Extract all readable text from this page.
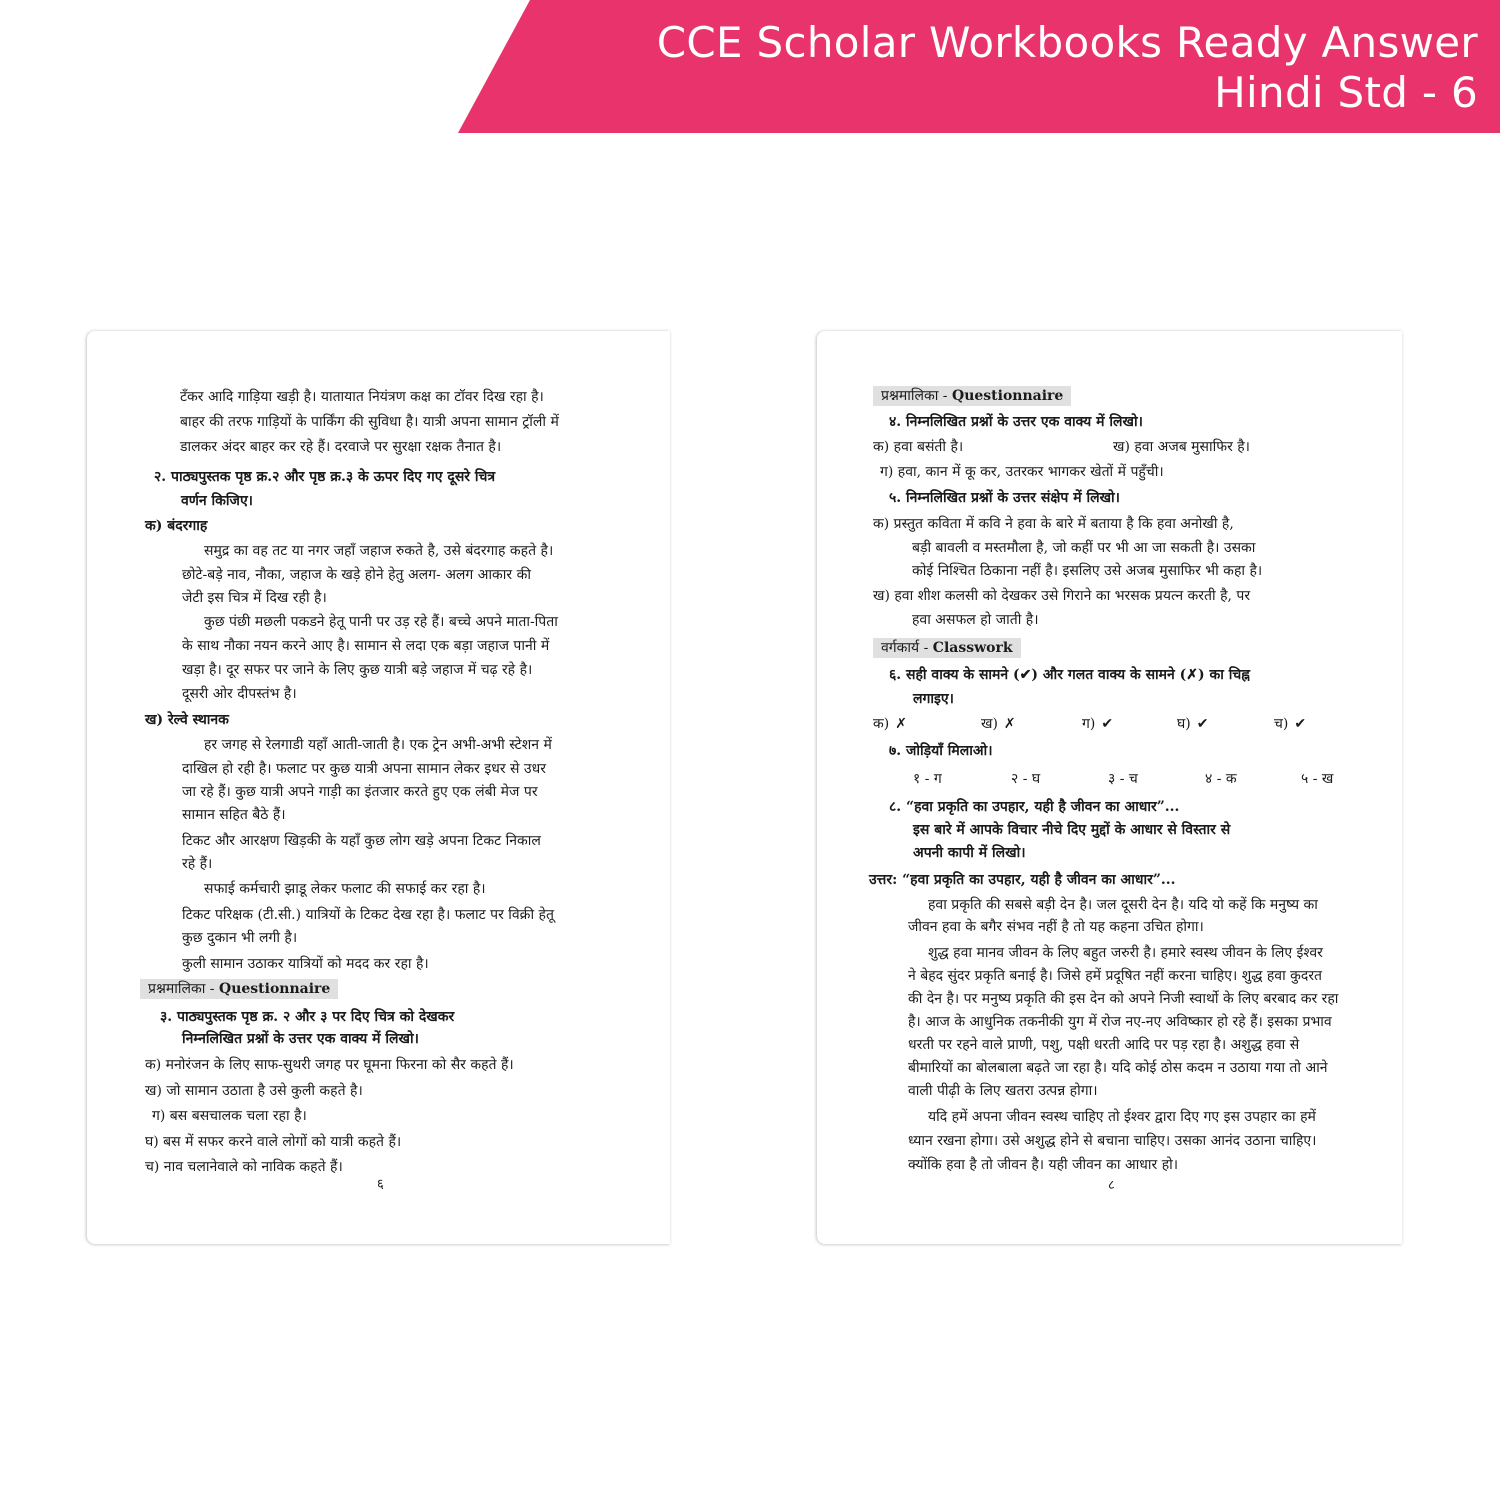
CCE Scholar Workbooks Ready Answer
Hindi Std - 6
टँकर आदि गाड़िया खड़ी है। यातायात नियंत्रण कक्ष का टॉवर दिख रहा है।
बाहर की तरफ गाड़ियों के पार्किंग की सुविधा है। यात्री अपना सामान ट्रॉली में
डालकर अंदर बाहर कर रहे हैं। दरवाजे पर सुरक्षा रक्षक तैनात है।
२. पाठ्यपुस्तक पृष्ठ क्र.२ और पृष्ठ क्र.३ के ऊपर दिए गए दूसरे चित्र
वर्णन किजिए।
क) बंदरगाह
समुद्र का वह तट या नगर जहाँ जहाज रुकते है, उसे बंदरगाह कहते है।
छोटे-बड़े नाव, नौका, जहाज के खड़े होने हेतु अलग- अलग आकार की
जेटी इस चित्र में दिख रही है।
कुछ पंछी मछली पकडने हेतू पानी पर उड़ रहे हैं। बच्चे अपने माता-पिता
के साथ नौका नयन करने आए है। सामान से लदा एक बड़ा जहाज पानी में
खड़ा है। दूर सफर पर जाने के लिए कुछ यात्री बड़े जहाज में चढ़ रहे है।
दूसरी ओर दीपस्तंभ है।
ख) रेल्वे स्थानक
हर जगह से रेलगाडी यहाँ आती-जाती है। एक ट्रेन अभी-अभी स्टेशन में
दाखिल हो रही है। फलाट पर कुछ यात्री अपना सामान लेकर इधर से उधर
जा रहे हैं। कुछ यात्री अपने गाड़ी का इंतजार करते हुए एक लंबी मेज पर
सामान सहित बैठे हैं।
टिकट और आरक्षण खिड़की के यहाँ कुछ लोग खड़े अपना टिकट निकाल
रहे हैं।
सफाई कर्मचारी झाडू लेकर फलाट की सफाई कर रहा है।
टिकट परिक्षक (टी.सी.) यात्रियों के टिकट देख रहा है। फलाट पर विक्री हेतू
कुछ दुकान भी लगी है।
कुली सामान उठाकर यात्रियों को मदद कर रहा है।
प्रश्नमालिका - Questionnaire
३. पाठ्यपुस्तक पृष्ठ क्र. २ और ३ पर दिए चित्र को देखकर
निम्नलिखित प्रश्नों के उत्तर एक वाक्य में लिखो।
क) मनोरंजन के लिए साफ-सुथरी जगह पर घूमना फिरना को सैर कहते हैं।
ख) जो सामान उठाता है उसे कुली कहते है।
ग) बस बसचालक चला रहा है।
घ) बस में सफर करने वाले लोगों को यात्री कहते हैं।
च) नाव चलानेवाले को नाविक कहते हैं।
६
प्रश्नमालिका - Questionnaire
४. निम्नलिखित प्रश्नों के उत्तर एक वाक्य में लिखो।
क) हवा बसंती है।	ख) हवा अजब मुसाफिर है।
ग) हवा, कान में कू कर, उतरकर भागकर खेतों में पहुँची।
५. निम्नलिखित प्रश्नों के उत्तर संक्षेप में लिखो।
क) प्रस्तुत कविता में कवि ने हवा के बारे में बताया है कि हवा अनोखी है,
बड़ी बावली व मस्तमौला है, जो कहीं पर भी आ जा सकती है। उसका
कोई निश्चित ठिकाना नहीं है। इसलिए उसे अजब मुसाफिर भी कहा है।
ख) हवा शीश कलसी को देखकर उसे गिराने का भरसक प्रयत्न करती है, पर
हवा असफल हो जाती है।
वर्गकार्य - Classwork
६. सही वाक्य के सामने (✔) और गलत वाक्य के सामने (✗) का चिह्न
लगाइए।
क) ✗	ख) ✗	ग) ✔	घ) ✔	च) ✔
७. जोड़ियाँ मिलाओ।
१ - ग	२ - घ	३ - च	४ - क	५ - ख
८. “हवा प्रकृति का उपहार, यही है जीवन का आधार”...
इस बारे में आपके विचार नीचे दिए मुद्दों के आधार से विस्तार से
अपनी कापी में लिखो।
उत्तर: “हवा प्रकृति का उपहार, यही है जीवन का आधार”...
हवा प्रकृति की सबसे बड़ी देन है। जल दूसरी देन है। यदि यो कहें कि मनुष्य का
जीवन हवा के बगैर संभव नहीं है तो यह कहना उचित होगा।
शुद्ध हवा मानव जीवन के लिए बहुत जरुरी है। हमारे स्वस्थ जीवन के लिए ईश्वर
ने बेहद सुंदर प्रकृति बनाई है। जिसे हमें प्रदूषित नहीं करना चाहिए। शुद्ध हवा कुदरत
की देन है। पर मनुष्य प्रकृति की इस देन को अपने निजी स्वार्थो के लिए बरबाद कर रहा
है। आज के आधुनिक तकनीकी युग में रोज नए-नए अविष्कार हो रहे हैं। इसका प्रभाव
धरती पर रहने वाले प्राणी, पशु, पक्षी धरती आदि पर पड़ रहा है। अशुद्ध हवा से
बीमारियों का बोलबाला बढ़ते जा रहा है। यदि कोई ठोस कदम न उठाया गया तो आने
वाली पीढ़ी के लिए खतरा उत्पन्न होगा।
यदि हमें अपना जीवन स्वस्थ चाहिए तो ईश्वर द्वारा दिए गए इस उपहार का हमें
ध्यान रखना होगा। उसे अशुद्ध होने से बचाना चाहिए। उसका आनंद उठाना चाहिए।
क्योंकि हवा है तो जीवन है। यही जीवन का आधार हो।
८
